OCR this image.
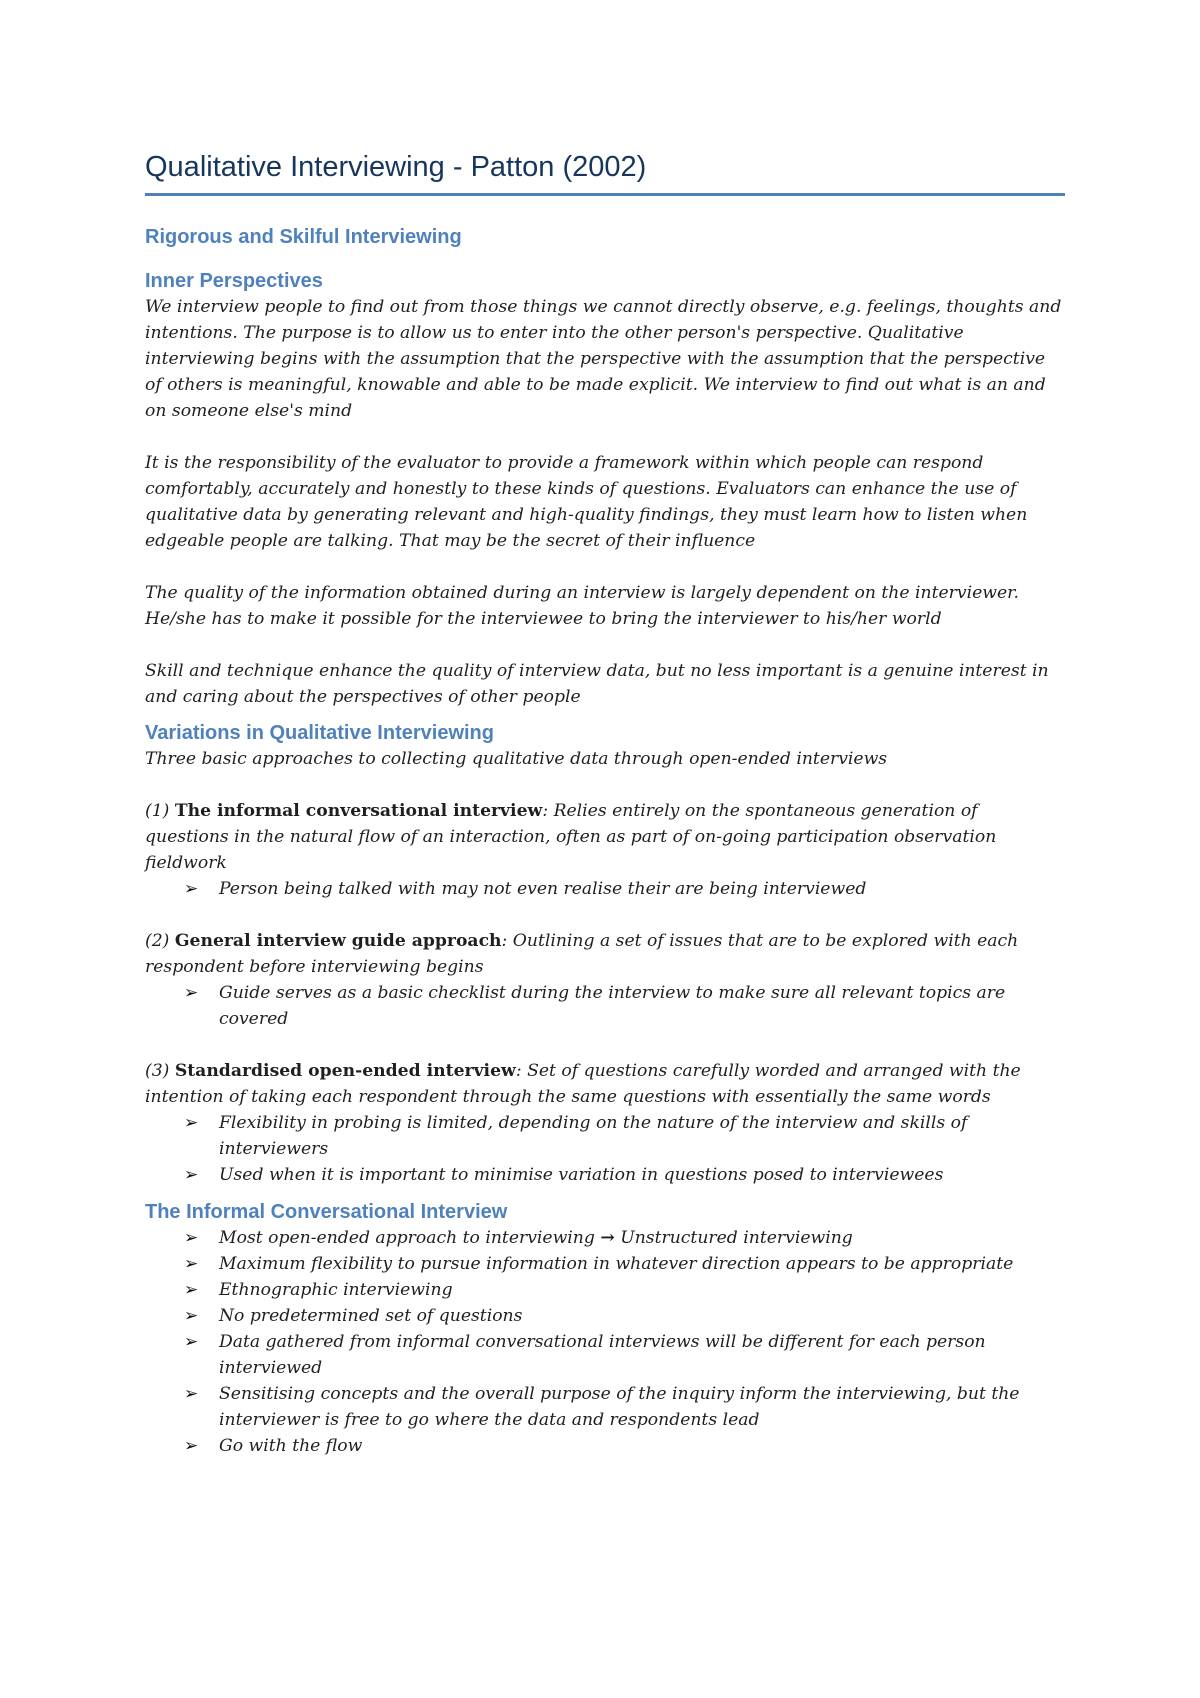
Qualitative Interviewing - Patton (2002)
Rigorous and Skilful Interviewing
Inner Perspectives

We interview people to find out from those things we cannot directly observe, e.g. feelings, thoughts and intentions. The purpose is to allow us to enter into the other person's perspective. Qualitative interviewing begins with the assumption that the perspective with the assumption that the perspective of others is meaningful, knowable and able to be made explicit. We interview to find out what is an and on someone else's mind

It is the responsibility of the evaluator to provide a framework within which people can respond comfortably, accurately and honestly to these kinds of questions. Evaluators can enhance the use of qualitative data by generating relevant and high-quality findings, they must learn how to listen when edgeable people are talking. That may be the secret of their influence

The quality of the information obtained during an interview is largely dependent on the interviewer. He/she has to make it possible for the interviewee to bring the interviewer to his/her world

Skill and technique enhance the quality of interview data, but no less important is a genuine interest in and caring about the perspectives of other people

Variations in Qualitative Interviewing

Three basic approaches to collecting qualitative data through open-ended interviews

(1) The informal conversational interview: Relies entirely on the spontaneous generation of questions in the natural flow of an interaction, often as part of on-going participation observation fieldwork

➢ Person being talked with may not even realise their are being interviewed

(2) General interview guide approach: Outlining a set of issues that are to be explored with each respondent before interviewing begins

➢ Guide serves as a basic checklist during the interview to make sure all relevant topics are covered

(3) Standardised open-ended interview: Set of questions carefully worded and arranged with the intention of taking each respondent through the same questions with essentially the same words

➢ Flexibility in probing is limited, depending on the nature of the interview and skills of interviewers
➢ Used when it is important to minimise variation in questions posed to interviewees
The Informal Conversational Interview
➢ Most open-ended approach to interviewing → Unstructured interviewing
➢ Maximum flexibility to pursue information in whatever direction appears to be appropriate
➢ Ethnographic interviewing
➢ No predetermined set of questions
➢ Data gathered from informal conversational interviews will be different for each person interviewed
➢ Sensitising concepts and the overall purpose of the inquiry inform the interviewing, but the interviewer is free to go where the data and respondents lead
➢ Go with the flow
